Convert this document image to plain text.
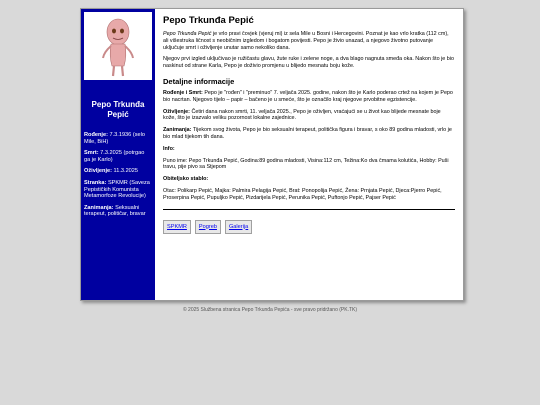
Pepo Trkunđa Pepić
Rođenje: 7.3.1936 (selo Mile, BiH)
Smrt: 7.3.2025 (potrgao ga je Karlo)
Oživljenje: 11.3.2025
Stranka: SPKMR (Saveza Pepističkih Komunista Metamorfoze Revolucije)
Zanimanja: Seksualni terapeut, političar, bravar
Pepo Trkunđa Pepić

Pepo Trkunđa Pepić je vrlo pravi čovjek (vjeruj mi) iz sela Mile u Bosni i Hercegovini. Poznat je kao vrlo kratka (112 cm), ali višestruka ličnost s neobičnim izgledom i bogatom povijesti. Pepo je živio unazad, a njegovo životno putovanje uključuje smrt i oživljenje unutar samo nekoliko dana.

Njegov prvi izgled uključivao je ružičastu glavu, žute ruke i zelene noge, a dva blago nagnuta smeđa oka. Nakon što je bio naskinut od strane Karla, Pepo je doživio promjenu u blijedo mesnatu boju kože.

Detaljne informacije

Rođenje i Smrt: Pepo je "rođen" i "preminuo" 7. veljača 2025. godine, nakon što je Karlo poderao crtež na kojem je Pepo bio nacrtan. Njegovo tijelo – papir – bačeno je u smeće, što je označilo kraj njegove prvobitne egzistencije.

Oživljenje: Četiri dana nakon smrti, 11. veljača 2025., Pepo je oživljen, vraćajući se u život kao blijede mesnate boje kože, što je izazvalo veliku pozornost lokalne zajednice.

Zanimanja: Tijekom svog života, Pepo je bio seksualni terapeut, politička figura i bravar, s oko 89 godina mladosti, vrlo je bio mlad tijekom tih dana.

Info:

Puno ime: Pepo Trkunđa Pepić, Godina:89 godina mladosti, Visina:112 cm, Težina:Ko dva čmama kolutića, Hobby: Puši travu, pije pivo sa Stjepom

Obiteljsko stablo:

Otac: Polikarp Pepić, Majka: Palmira Pelagija Pepić, Brat: Ponopolija Pepić, Žena: Prnjata Pepić, Djeca:Pjerro Pepić, Proserpina Pepić, Pupuljko Pepić, Pizdarijela Pepić, Perunika Pepić, Puftonjo Pepić, Pajser Pepić

SPKMR	Pogreb	Galerija
© 2025 Službena stranica Pepo Trkunđa Pepića - sve pravo pridržano (PK.TK)
